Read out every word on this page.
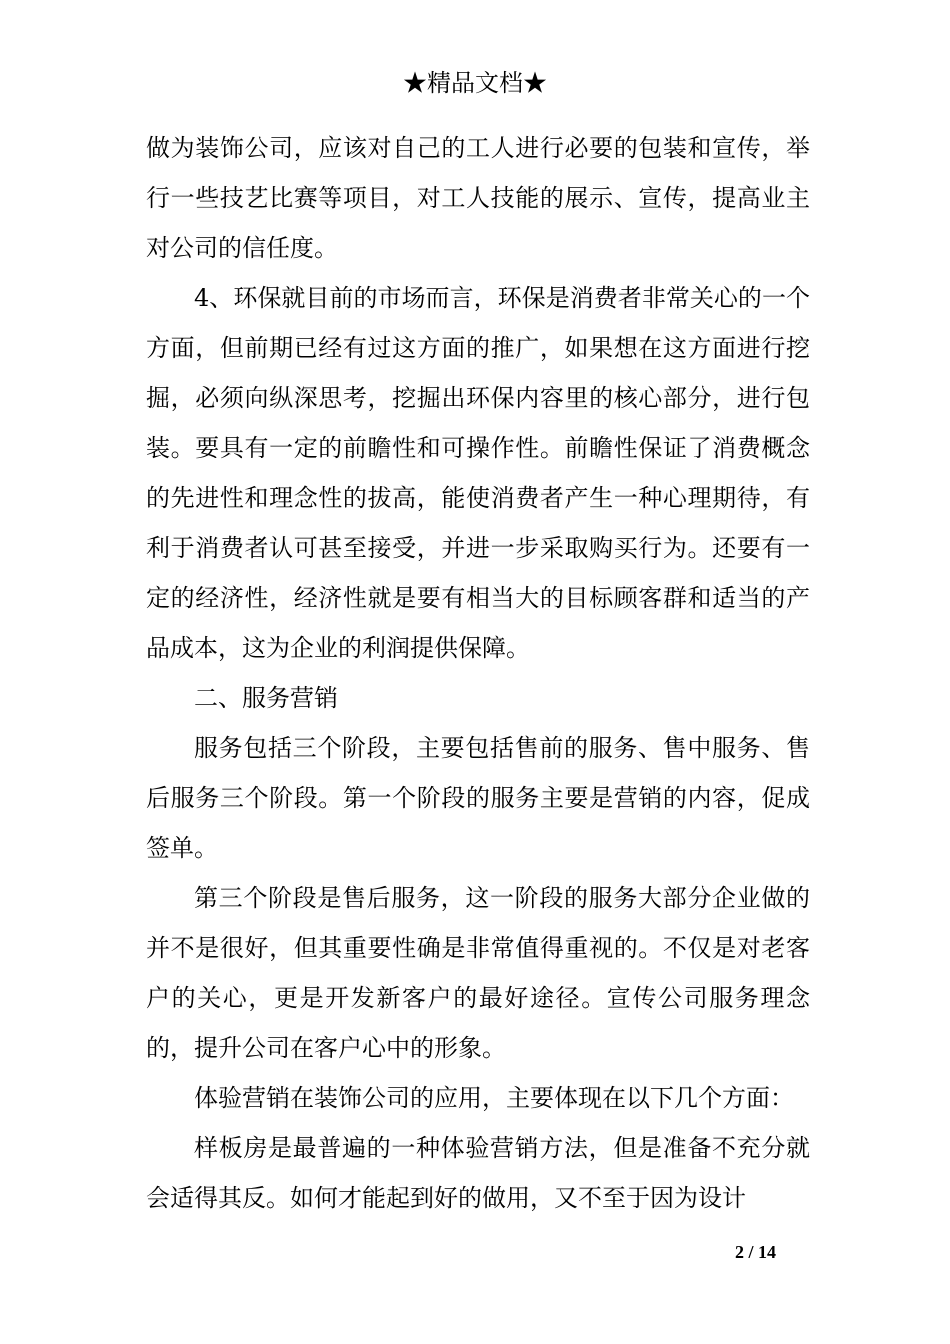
★精品文档★

做为装饰公司，应该对自己的工人进行必要的包装和宣传，举行一些技艺比赛等项目，对工人技能的展示、宣传，提高业主对公司的信任度。

4、环保就目前的市场而言，环保是消费者非常关心的一个方面，但前期已经有过这方面的推广，如果想在这方面进行挖掘，必须向纵深思考，挖掘出环保内容里的核心部分，进行包装。要具有一定的前瞻性和可操作性。前瞻性保证了消费概念的先进性和理念性的拔高，能使消费者产生一种心理期待，有利于消费者认可甚至接受，并进一步采取购买行为。还要有一定的经济性，经济性就是要有相当大的目标顾客群和适当的产品成本，这为企业的利润提供保障。

二、服务营销

服务包括三个阶段，主要包括售前的服务、售中服务、售后服务三个阶段。第一个阶段的服务主要是营销的内容，促成签单。

第三个阶段是售后服务，这一阶段的服务大部分企业做的并不是很好，但其重要性确是非常值得重视的。不仅是对老客户的关心，更是开发新客户的最好途径。宣传公司服务理念的，提升公司在客户心中的形象。

体验营销在装饰公司的应用，主要体现在以下几个方面：

样板房是最普遍的一种体验营销方法，但是准备不充分就会适得其反。如何才能起到好的做用，又不至于因为设计

2 / 14
